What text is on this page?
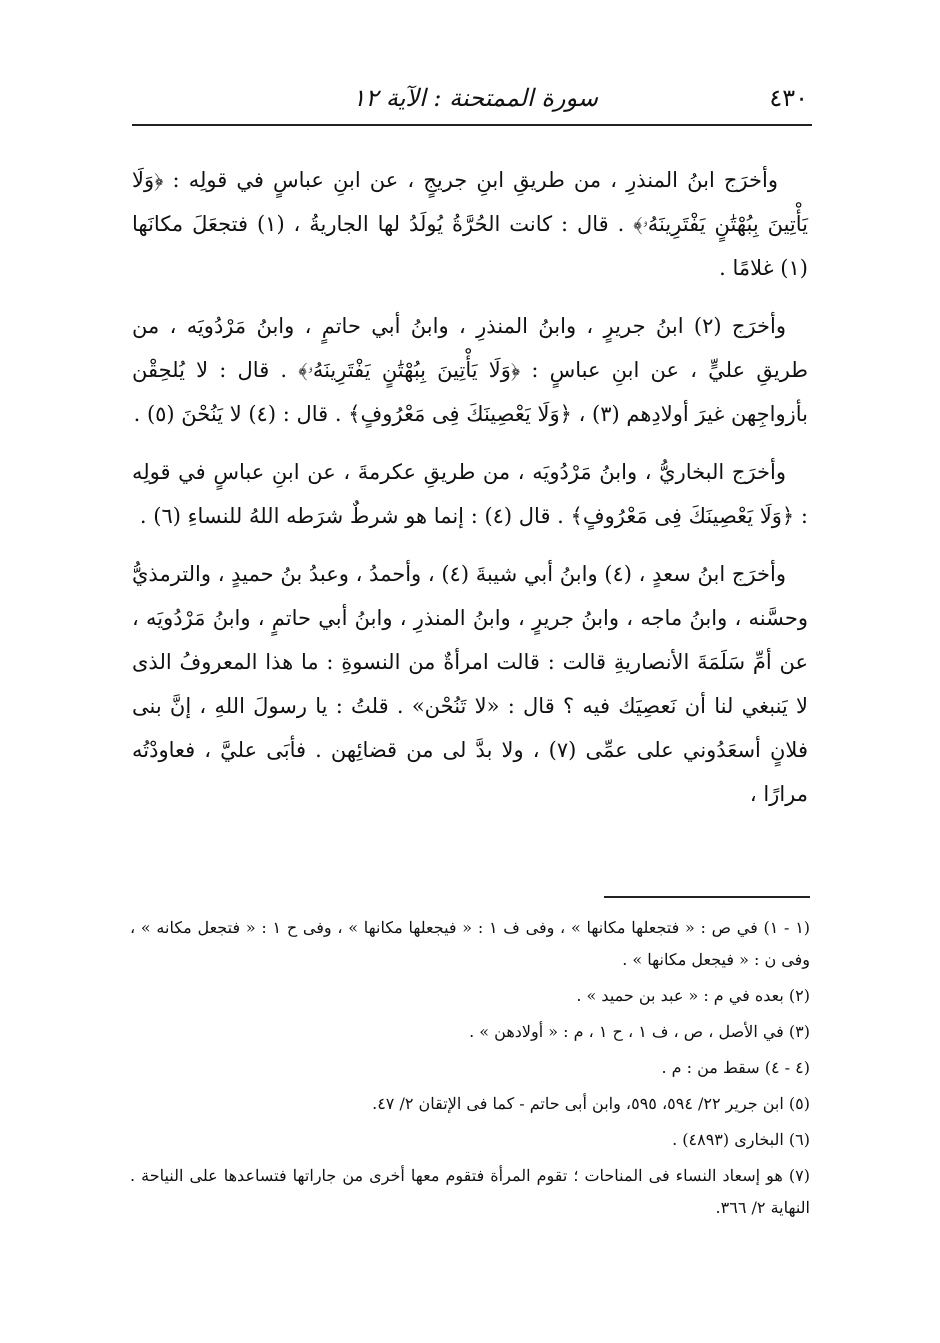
٤٣٠
سورة الممتحنة : الآية ١٢

وأخرَج ابنُ المنذرِ ، من طريقِ ابنِ جريجٍ ، عن ابنِ عباسٍ في قولِه : ﴿وَلَا يَأْتِينَ بِبُهْتَٰنٍ يَفْتَرِينَهُۥ﴾ . قال : كانت الحُرَّةُ يُولَدُ لها الجاريةُ ، (١) فتجعَلَ مكانَها (١) غلامًا .

وأخرَج (٢) ابنُ جريرٍ ، وابنُ المنذرِ ، وابنُ أبي حاتمٍ ، وابنُ مَرْدُويَه ، من طريقِ عليٍّ ، عن ابنِ عباسٍ : ﴿وَلَا يَأْتِينَ بِبُهْتَٰنٍ يَفْتَرِينَهُۥ﴾ . قال : لا يُلحِقْن بأزواجِهن غيرَ أولادِهم (٣) ، ﴿وَلَا يَعْصِينَكَ فِى مَعْرُوفٍ﴾ . قال : (٤) لا يَنُحْنَ (٥) .

وأخرَج البخاريُّ ، وابنُ مَرْدُويَه ، من طريقِ عكرمةَ ، عن ابنِ عباسٍ في قولِه : ﴿وَلَا يَعْصِينَكَ فِى مَعْرُوفٍ﴾ . قال (٤) : إنما هو شرطٌ شرَطه اللهُ للنساءِ (٦) .

وأخرَج ابنُ سعدٍ ، (٤) وابنُ أبي شيبةَ (٤) ، وأحمدُ ، وعبدُ بنُ حميدٍ ، والترمذيُّ وحسَّنه ، وابنُ ماجه ، وابنُ جريرٍ ، وابنُ المنذرِ ، وابنُ أبي حاتمٍ ، وابنُ مَرْدُويَه ، عن أمِّ سَلَمَةَ الأنصاريةِ قالت : قالت امرأةٌ من النسوةِ : ما هذا المعروفُ الذى لا يَنبغي لنا أن نَعصِيَك فيه ؟ قال : «لا تَنُحْن» . قلتُ : يا رسولَ اللهِ ، إنَّ بنى فلانٍ أسعَدُوني على عمِّى (٧) ، ولا بدَّ لى من قضائِهن . فأبَى عليَّ ، فعاودْتُه مرارًا ،

(١ - ١) في ص : « فتجعلها مكانها » ، وفى ف ١ : « فيجعلها مكانها » ، وفى ح ١ : « فتجعل مكانه » ، وفى ن : « فيجعل مكانها » .

(٢) بعده في م : « عبد بن حميد » .

(٣) في الأصل ، ص ، ف ١ ، ح ١ ، م : « أولادهن » .

(٤ - ٤) سقط من : م .

(٥) ابن جرير ٢٢/ ٥٩٤، ٥٩٥، وابن أبى حاتم - كما فى الإتقان ٢/ ٤٧.

(٦) البخارى (٤٨٩٣) .

(٧) هو إسعاد النساء فى المناحات ؛ تقوم المرأة فتقوم معها أخرى من جاراتها فتساعدها على النياحة . النهاية ٢/ ٣٦٦.
